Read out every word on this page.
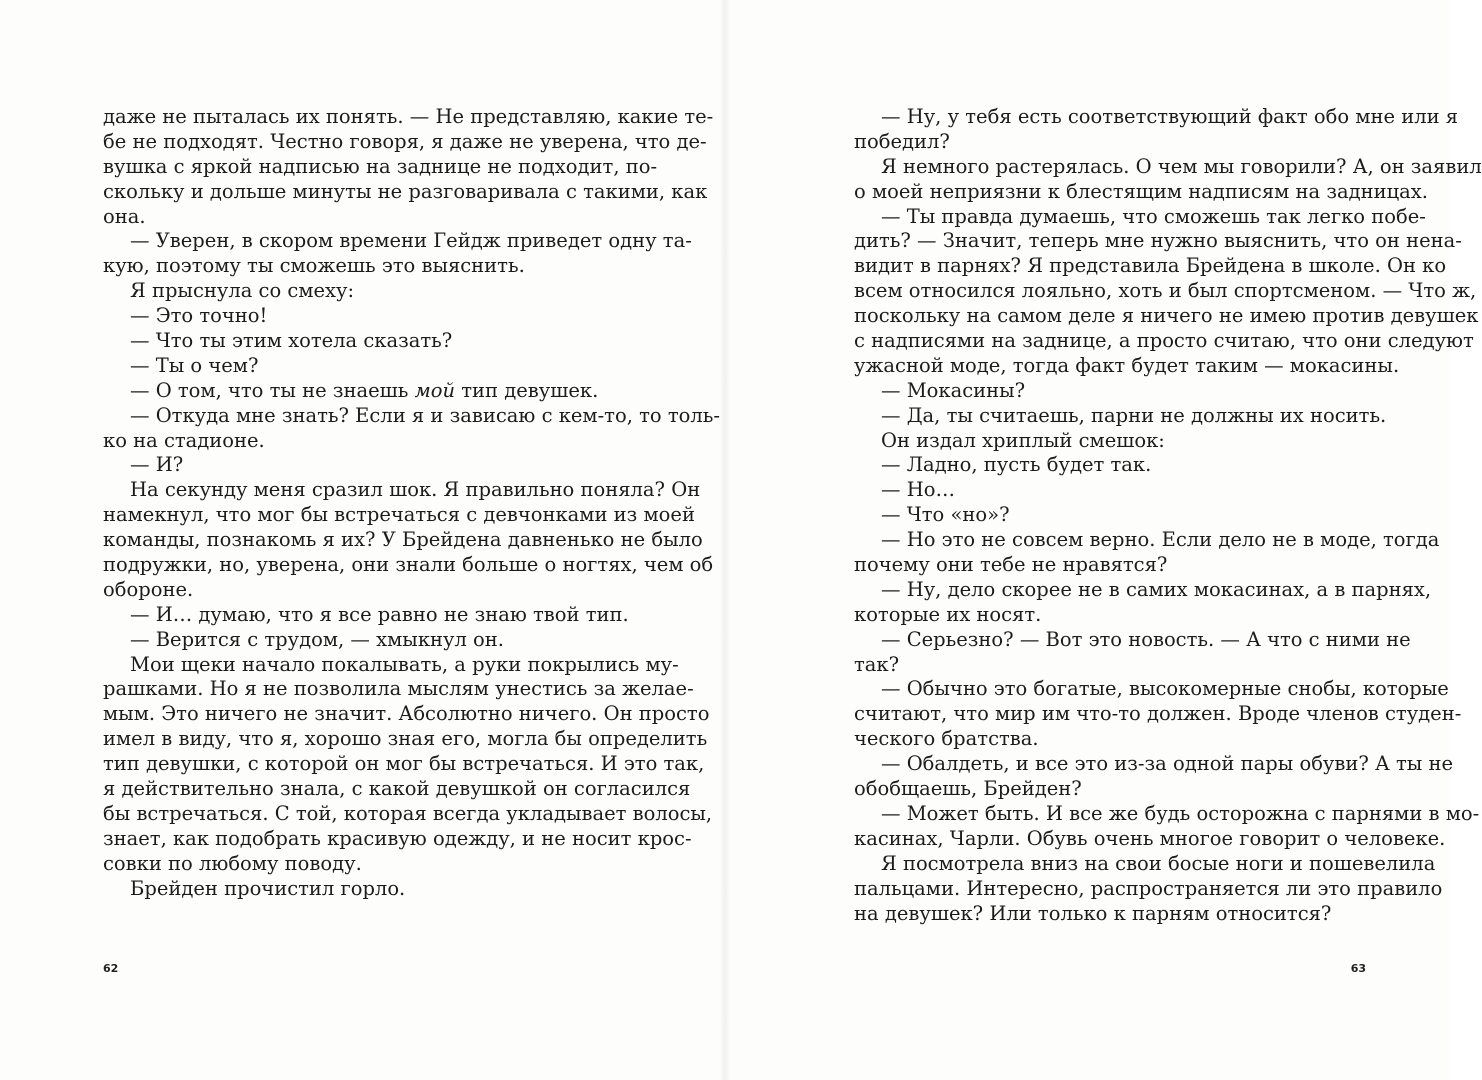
даже не пыталась их понять. — Не представляю, какие те-
бе не подходят. Честно говоря, я даже не уверена, что де-
вушка с яркой надписью на заднице не подходит, по-
скольку и дольше минуты не разговаривала с такими, как
она.
— Уверен, в скором времени Гейдж приведет одну та-
кую, поэтому ты сможешь это выяснить.
Я прыснула со смеху:
— Это точно!
— Что ты этим хотела сказать?
— Ты о чем?
— О том, что ты не знаешь мой тип девушек.
— Откуда мне знать? Если я и зависаю с кем-то, то толь-
ко на стадионе.
— И?
На секунду меня сразил шок. Я правильно поняла? Он
намекнул, что мог бы встречаться с девчонками из моей
команды, познакомь я их? У Брейдена давненько не было
подружки, но, уверена, они знали больше о ногтях, чем об
обороне.
— И… думаю, что я все равно не знаю твой тип.
— Верится с трудом, — хмыкнул он.
Мои щеки начало покалывать, а руки покрылись му-
рашками. Но я не позволила мыслям унестись за желае-
мым. Это ничего не значит. Абсолютно ничего. Он просто
имел в виду, что я, хорошо зная его, могла бы определить
тип девушки, с которой он мог бы встречаться. И это так,
я действительно знала, с какой девушкой он согласился
бы встречаться. С той, которая всегда укладывает волосы,
знает, как подобрать красивую одежду, и не носит крос-
совки по любому поводу.
Брейден прочистил горло.
62
— Ну, у тебя есть соответствующий факт обо мне или я
победил?
Я немного растерялась. О чем мы говорили? А, он заявил
о моей неприязни к блестящим надписям на задницах.
— Ты правда думаешь, что сможешь так легко побе-
дить? — Значит, теперь мне нужно выяснить, что он нена-
видит в парнях? Я представила Брейдена в школе. Он ко
всем относился лояльно, хоть и был спортсменом. — Что ж,
поскольку на самом деле я ничего не имею против девушек
с надписями на заднице, а просто считаю, что они следуют
ужасной моде, тогда факт будет таким — мокасины.
— Мокасины?
— Да, ты считаешь, парни не должны их носить.
Он издал хриплый смешок:
— Ладно, пусть будет так.
— Но…
— Что «но»?
— Но это не совсем верно. Если дело не в моде, тогда
почему они тебе не нравятся?
— Ну, дело скорее не в самих мокасинах, а в парнях,
которые их носят.
— Серьезно? — Вот это новость. — А что с ними не
так?
— Обычно это богатые, высокомерные снобы, которые
считают, что мир им что-то должен. Вроде членов студен-
ческого братства.
— Обалдеть, и все это из-за одной пары обуви? А ты не
обобщаешь, Брейден?
— Может быть. И все же будь осторожна с парнями в мо-
касинах, Чарли. Обувь очень многое говорит о человеке.
Я посмотрела вниз на свои босые ноги и пошевелила
пальцами. Интересно, распространяется ли это правило
на девушек? Или только к парням относится?
63
